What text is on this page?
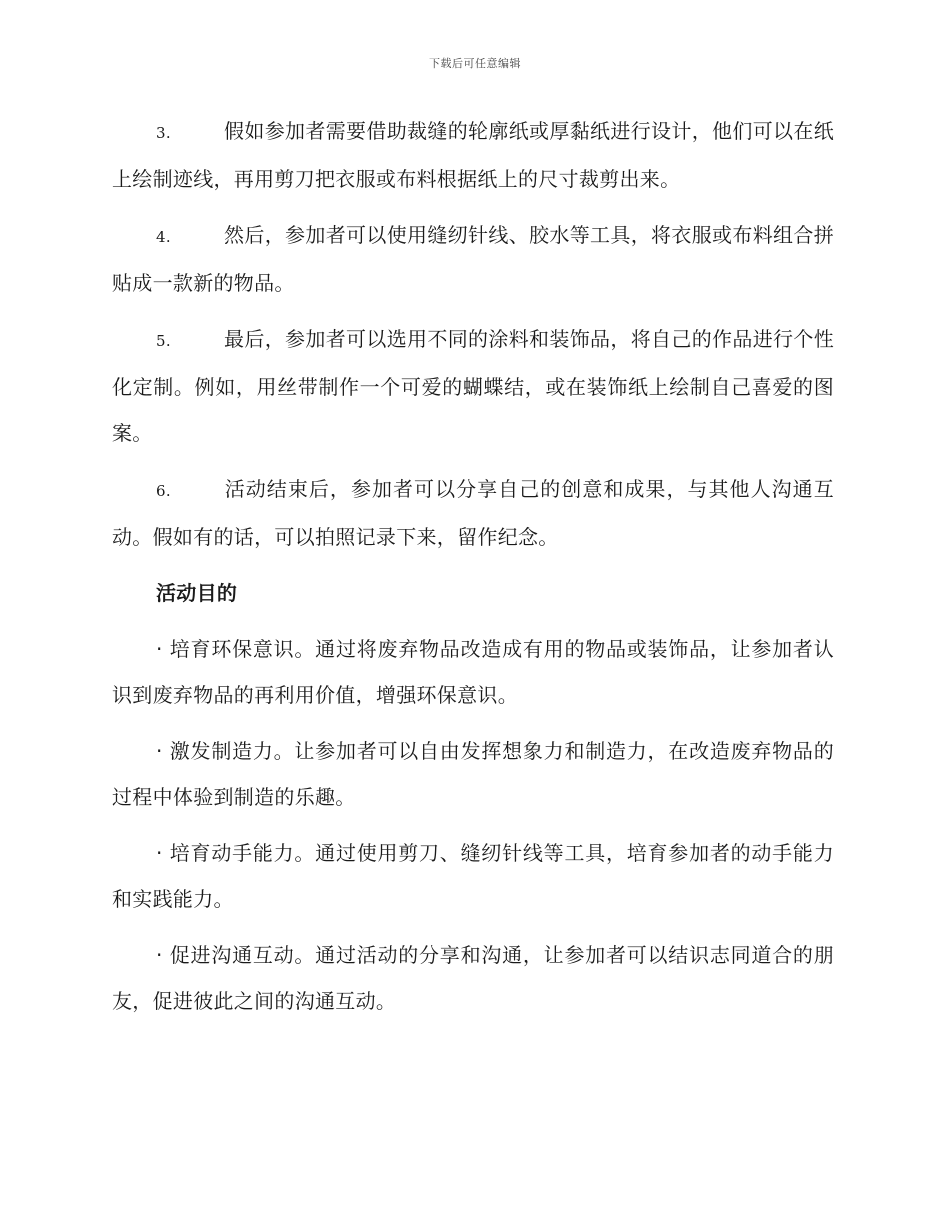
下载后可任意编辑

3.	假如参加者需要借助裁缝的轮廓纸或厚黏纸进行设计，他们可以在纸上绘制迹线，再用剪刀把衣服或布料根据纸上的尺寸裁剪出来。

4.	然后，参加者可以使用缝纫针线、胶水等工具，将衣服或布料组合拼贴成一款新的物品。

5.	最后，参加者可以选用不同的涂料和装饰品，将自己的作品进行个性化定制。例如，用丝带制作一个可爱的蝴蝶结，或在装饰纸上绘制自己喜爱的图案。

6.	活动结束后，参加者可以分享自己的创意和成果，与其他人沟通互动。假如有的话，可以拍照记录下来，留作纪念。

活动目的

· 培育环保意识。通过将废弃物品改造成有用的物品或装饰品，让参加者认识到废弃物品的再利用价值，增强环保意识。

· 激发制造力。让参加者可以自由发挥想象力和制造力，在改造废弃物品的过程中体验到制造的乐趣。

· 培育动手能力。通过使用剪刀、缝纫针线等工具，培育参加者的动手能力和实践能力。

· 促进沟通互动。通过活动的分享和沟通，让参加者可以结识志同道合的朋友，促进彼此之间的沟通互动。
